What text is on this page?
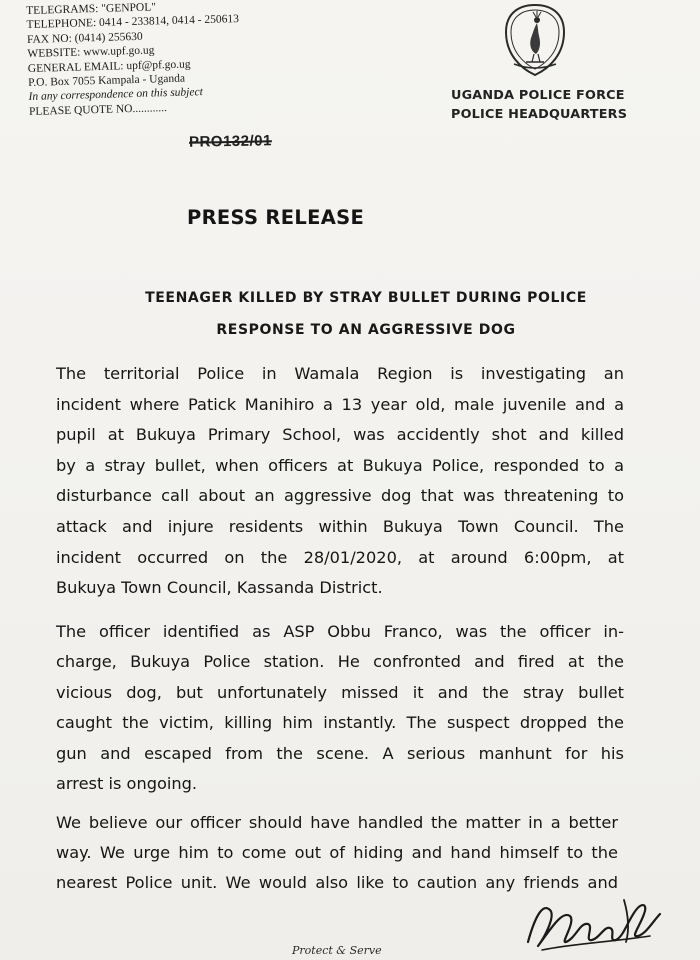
TELEGRAMS: "GENPOL"
TELEPHONE: 0414 - 233814, 0414 - 250613
FAX NO: (0414) 255630
WEBSITE: www.upf.go.ug
GENERAL EMAIL: upf@pf.go.ug
P.O. Box 7055 Kampala - Uganda
In any correspondence on this subject
PLEASE QUOTE NO............
PRO132/01
UGANDA POLICE FORCE
POLICE HEADQUARTERS
PRESS RELEASE
TEENAGER KILLED BY STRAY BULLET DURING POLICE
RESPONSE TO AN AGGRESSIVE DOG
The territorial Police in Wamala Region is investigating an
incident where Patick Manihiro a 13 year old, male juvenile and a
pupil at Bukuya Primary School, was accidently shot and killed
by a stray bullet, when officers at Bukuya Police, responded to a
disturbance call about an aggressive dog that was threatening to
attack and injure residents within Bukuya Town Council. The
incident occurred on the 28/01/2020, at around 6:00pm, at
Bukuya Town Council, Kassanda District.
The officer identified as ASP Obbu Franco, was the officer in-
charge, Bukuya Police station. He confronted and fired at the
vicious dog, but unfortunately missed it and the stray bullet
caught the victim, killing him instantly. The suspect dropped the
gun and escaped from the scene. A serious manhunt for his
arrest is ongoing.
We believe our officer should have handled the matter in a better
way. We urge him to come out of hiding and hand himself to the
nearest Police unit. We would also like to caution any friends and
Protect & Serve
